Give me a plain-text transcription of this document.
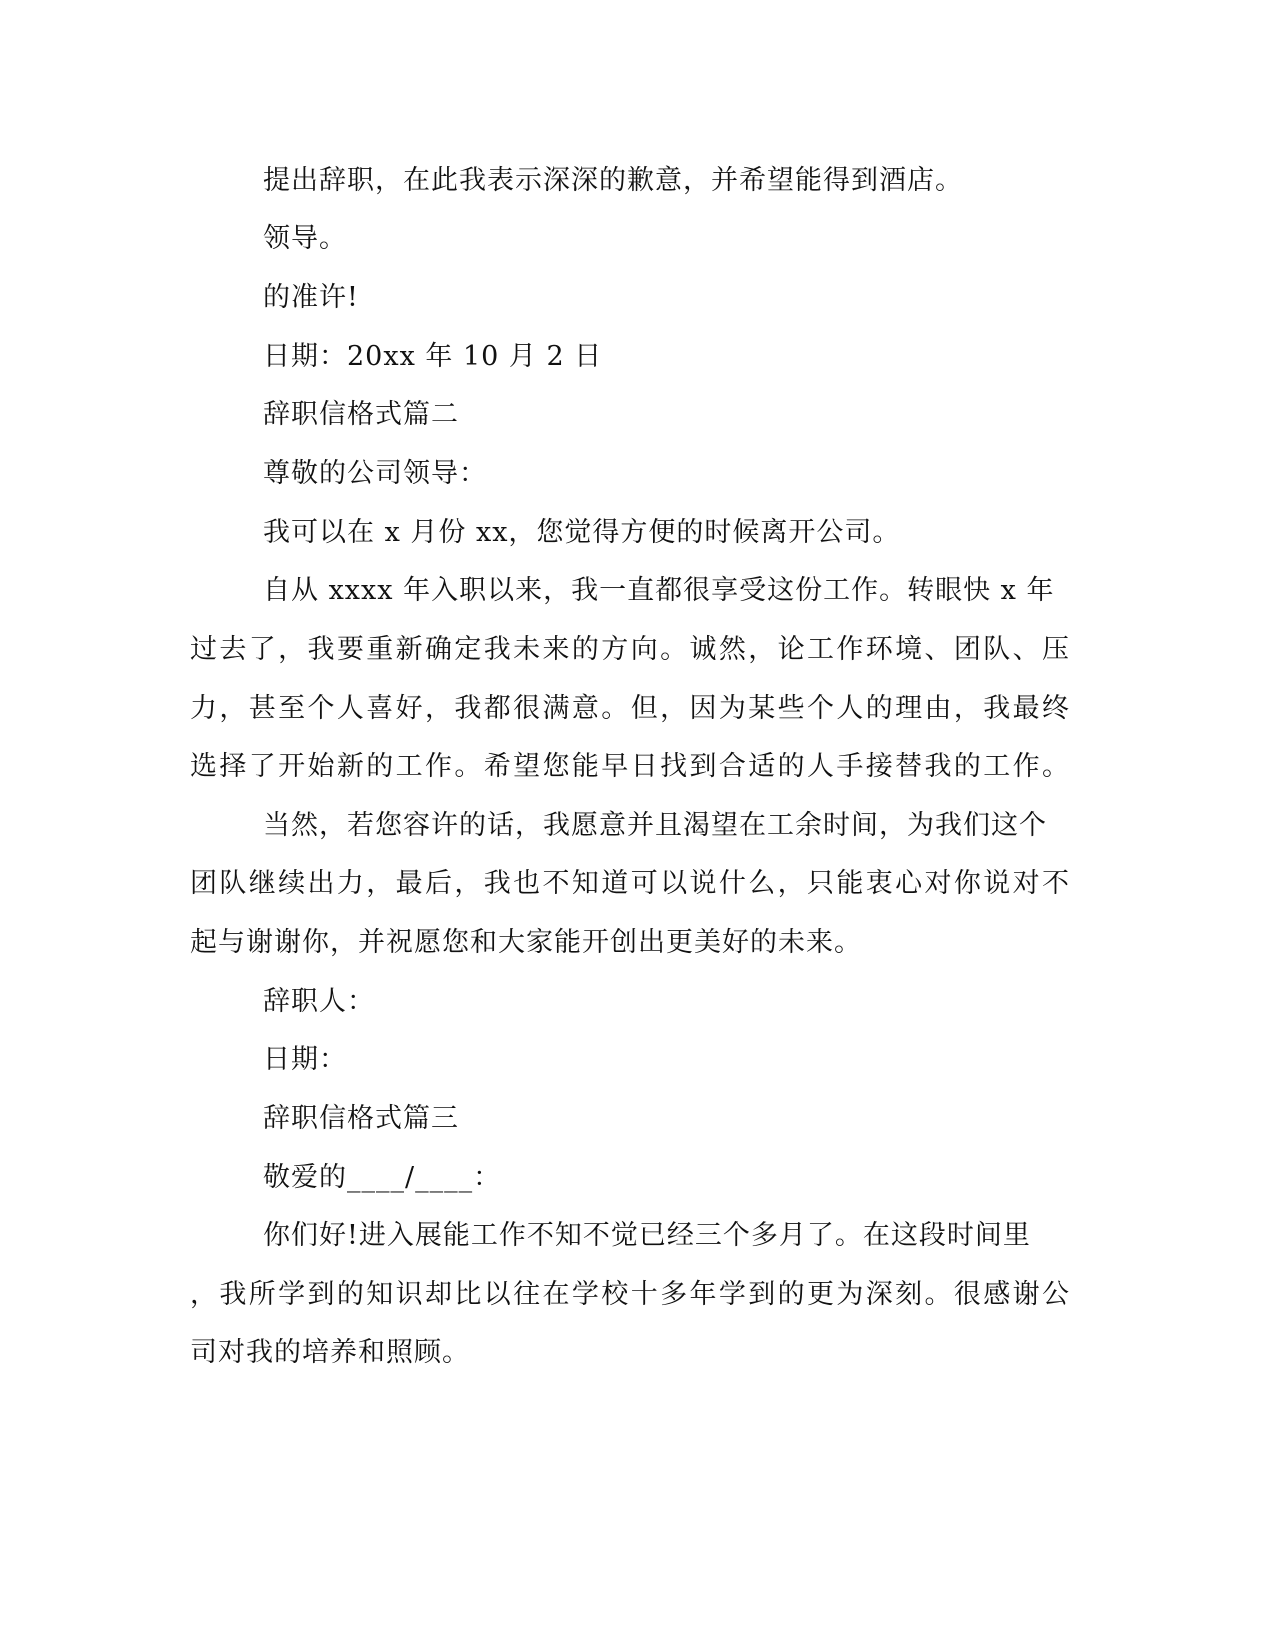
提出辞职，在此我表示深深的歉意，并希望能得到酒店。

领导。

的准许!

日期：20xx 年 10 月 2 日

辞职信格式篇二

尊敬的公司领导：

我可以在 x 月份 xx，您觉得方便的时候离开公司。

自从 xxxx 年入职以来，我一直都很享受这份工作。转眼快 x 年

过去了，我要重新确定我未来的方向。诚然，论工作环境、团队、压

力，甚至个人喜好，我都很满意。但，因为某些个人的理由，我最终

选择了开始新的工作。希望您能早日找到合适的人手接替我的工作。

当然，若您容许的话，我愿意并且渴望在工余时间，为我们这个

团队继续出力，最后，我也不知道可以说什么，只能衷心对你说对不

起与谢谢你，并祝愿您和大家能开创出更美好的未来。

辞职人：

日期：

辞职信格式篇三

敬爱的____/____：

你们好!进入展能工作不知不觉已经三个多月了。在这段时间里

，我所学到的知识却比以往在学校十多年学到的更为深刻。很感谢公

司对我的培养和照顾。
